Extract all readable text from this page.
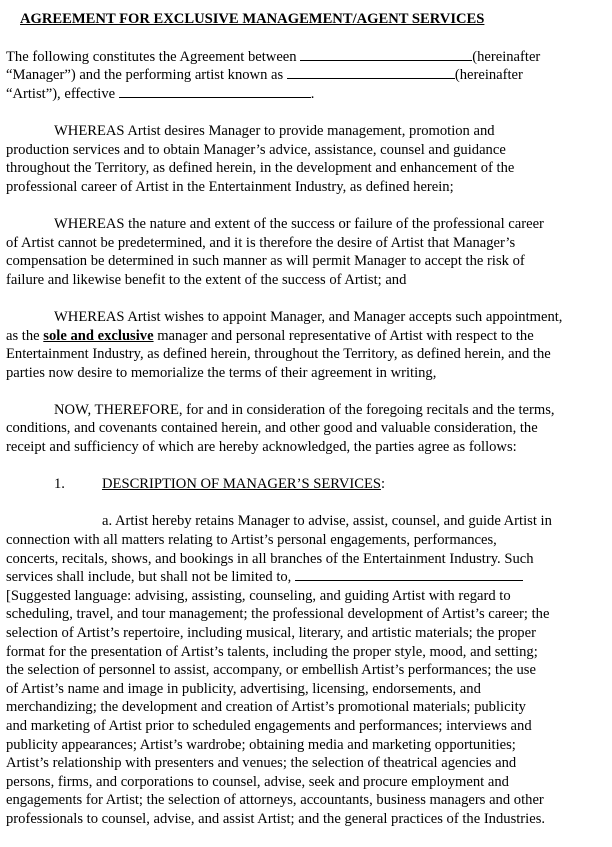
AGREEMENT FOR EXCLUSIVE MANAGEMENT/AGENT SERVICES
The following constitutes the Agreement between	(hereinafter
“Manager”) and the performing artist known as	(hereinafter
“Artist”), effective	.
WHEREAS Artist desires Manager to provide management, promotion and
production services and to obtain Manager’s advice, assistance, counsel and guidance
throughout the Territory, as defined herein, in the development and enhancement of the
professional career of Artist in the Entertainment Industry, as defined herein;
WHEREAS the nature and extent of the success or failure of the professional career
of Artist cannot be predetermined, and it is therefore the desire of Artist that Manager’s
compensation be determined in such manner as will permit Manager to accept the risk of
failure and likewise benefit to the extent of the success of Artist; and
WHEREAS Artist wishes to appoint Manager, and Manager accepts such appointment,
as the sole and exclusive manager and personal representative of Artist with respect to the
Entertainment Industry, as defined herein, throughout the Territory, as defined herein, and the
parties now desire to memorialize the terms of their agreement in writing,
NOW, THEREFORE, for and in consideration of the foregoing recitals and the terms,
conditions, and covenants contained herein, and other good and valuable consideration, the
receipt and sufficiency of which are hereby acknowledged, the parties agree as follows:
1.	DESCRIPTION OF MANAGER’S SERVICES:
a. Artist hereby retains Manager to advise, assist, counsel, and guide Artist in
connection with all matters relating to Artist’s personal engagements, performances,
concerts, recitals, shows, and bookings in all branches of the Entertainment Industry. Such
services shall include, but shall not be limited to,
[Suggested language: advising, assisting, counseling, and guiding Artist with regard to
scheduling, travel, and tour management; the professional development of Artist’s career; the
selection of Artist’s repertoire, including musical, literary, and artistic materials; the proper
format for the presentation of Artist’s talents, including the proper style, mood, and setting;
the selection of personnel to assist, accompany, or embellish Artist’s performances; the use
of Artist’s name and image in publicity, advertising, licensing, endorsements, and
merchandizing; the development and creation of Artist’s promotional materials; publicity
and marketing of Artist prior to scheduled engagements and performances; interviews and
publicity appearances; Artist’s wardrobe; obtaining media and marketing opportunities;
Artist’s relationship with presenters and venues; the selection of theatrical agencies and
persons, firms, and corporations to counsel, advise, seek and procure employment and
engagements for Artist; the selection of attorneys, accountants, business managers and other
professionals to counsel, advise, and assist Artist; and the general practices of the Industries.
